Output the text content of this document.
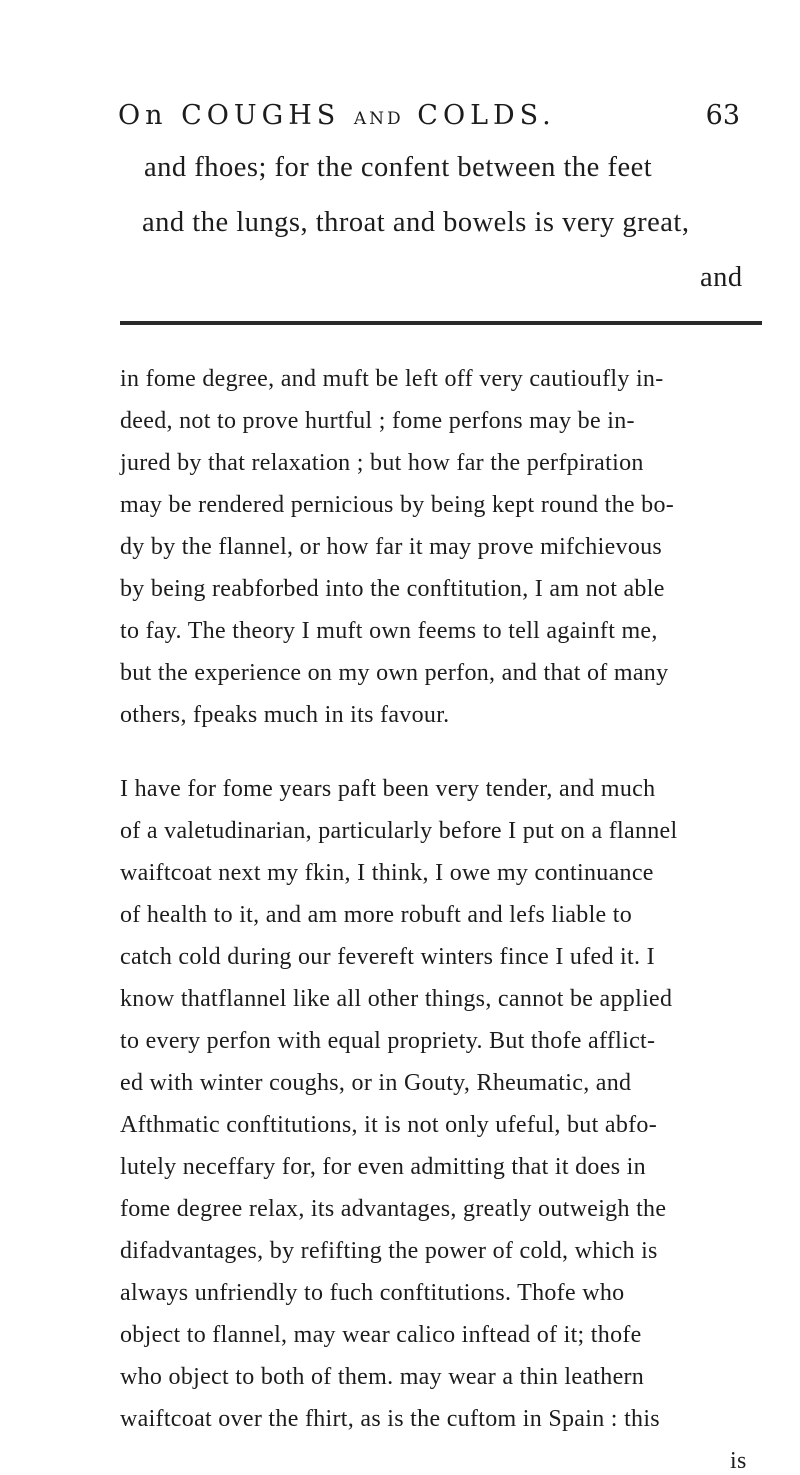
On COUGHS AND COLDS.	63
and fhoes; for the confent between the feet
and the lungs, throat and bowels is very great,
and
in fome degree, and muft be left off very cautioufly in-
deed, not to prove hurtful ; fome perfons may be in-
jured by that relaxation ; but how far the perfpiration
may be rendered pernicious by being kept round the bo-
dy by the flannel, or how far it may prove mifchievous
by being reabforbed into the conftitution, I am not able
to fay. The theory I muft own feems to tell againft me,
but the experience on my own perfon, and that of many
others, fpeaks much in its favour.
I have for fome years paft been very tender, and much
of a valetudinarian, particularly before I put on a flannel
waiftcoat next my fkin, I think, I owe my continuance
of health to it, and am more robuft and lefs liable to
catch cold during our fevereft winters fince I ufed it. I
know thatflannel like all other things, cannot be applied
to every perfon with equal propriety. But thofe afflict-
ed with winter coughs, or in Gouty, Rheumatic, and
Afthmatic conftitutions, it is not only ufeful, but abfo-
lutely neceffary for, for even admitting that it does in
fome degree relax, its advantages, greatly outweigh the
difadvantages, by refifting the power of cold, which is
always unfriendly to fuch conftitutions. Thofe who
object to flannel, may wear calico inftead of it; thofe
who object to both of them. may wear a thin leathern
waiftcoat over the fhirt, as is the cuftom in Spain : this
is
